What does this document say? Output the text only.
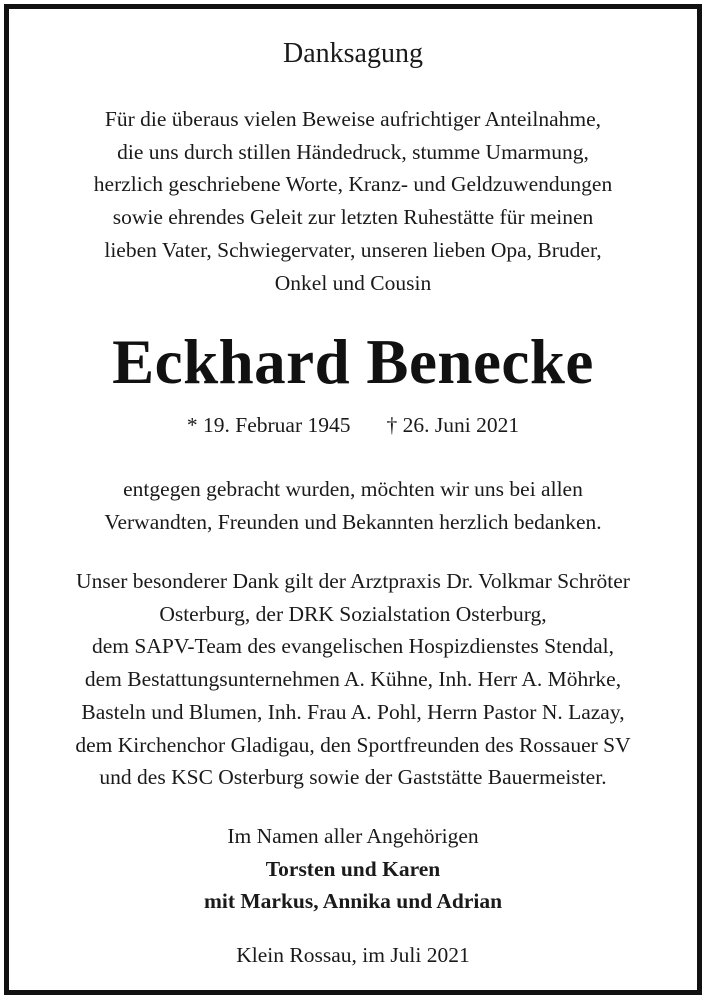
Danksagung
Für die überaus vielen Beweise aufrichtiger Anteilnahme,
die uns durch stillen Händedruck, stumme Umarmung,
herzlich geschriebene Worte, Kranz- und Geldzuwendungen
sowie ehrendes Geleit zur letzten Ruhestätte für meinen
lieben Vater, Schwiegervater, unseren lieben Opa, Bruder,
Onkel und Cousin
Eckhard Benecke
* 19. Februar 1945 † 26. Juni 2021
entgegen gebracht wurden, möchten wir uns bei allen
Verwandten, Freunden und Bekannten herzlich bedanken.
Unser besonderer Dank gilt der Arztpraxis Dr. Volkmar Schröter
Osterburg, der DRK Sozialstation Osterburg,
dem SAPV-Team des evangelischen Hospizdienstes Stendal,
dem Bestattungsunternehmen A. Kühne, Inh. Herr A. Möhrke,
Basteln und Blumen, Inh. Frau A. Pohl, Herrn Pastor N. Lazay,
dem Kirchenchor Gladigau, den Sportfreunden des Rossauer SV
und des KSC Osterburg sowie der Gaststätte Bauermeister.
Im Namen aller Angehörigen
Torsten und Karen
mit Markus, Annika und Adrian
Klein Rossau, im Juli 2021
